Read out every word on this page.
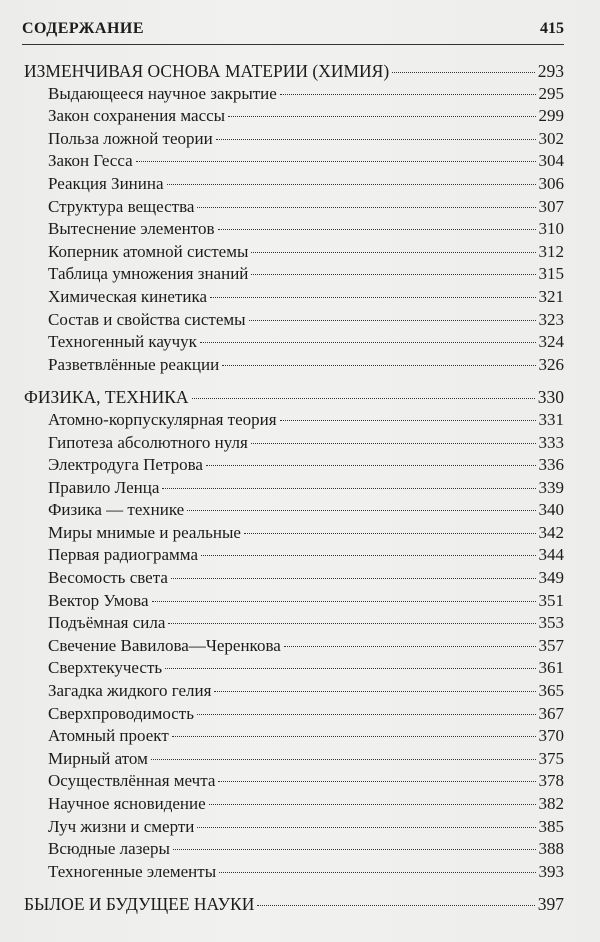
СОДЕРЖАНИЕ	415
ИЗМЕНЧИВАЯ ОСНОВА МАТЕРИИ (ХИМИЯ)	293
Выдающееся научное закрытие	295
Закон сохранения массы	299
Польза ложной теории	302
Закон Гесса	304
Реакция Зинина	306
Структура вещества	307
Вытеснение элементов	310
Коперник атомной системы	312
Таблица умножения знаний	315
Химическая кинетика	321
Состав и свойства системы	323
Техногенный каучук	324
Разветвлённые реакции	326
ФИЗИКА, ТЕХНИКА	330
Атомно-корпускулярная теория	331
Гипотеза абсолютного нуля	333
Электродуга Петрова	336
Правило Ленца	339
Физика — технике	340
Миры мнимые и реальные	342
Первая радиограмма	344
Весомость света	349
Вектор Умова	351
Подъёмная сила	353
Свечение Вавилова—Черенкова	357
Сверхтекучесть	361
Загадка жидкого гелия	365
Сверхпроводимость	367
Атомный проект	370
Мирный атом	375
Осуществлённая мечта	378
Научное ясновидение	382
Луч жизни и смерти	385
Всюдные лазеры	388
Техногенные элементы	393
БЫЛОЕ И БУДУЩЕЕ НАУКИ	397
